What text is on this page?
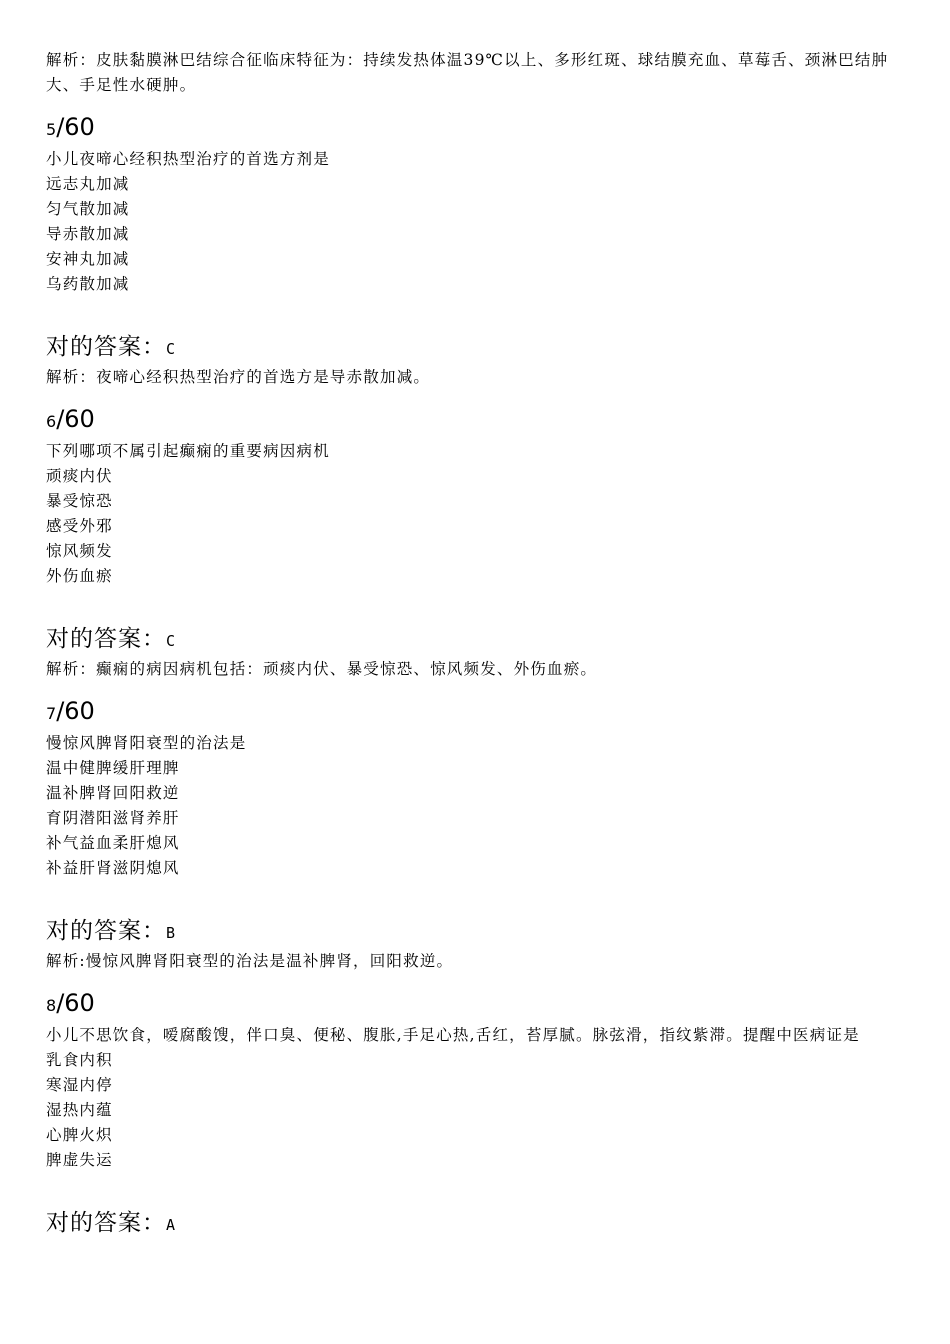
解析：皮肤黏膜淋巴结综合征临床特征为：持续发热体温39℃以上、多形红斑、球结膜充血、草莓舌、颈淋巴结肿大、手足性水硬肿。

5 /60

小儿夜啼心经积热型治疗的首选方剂是

远志丸加减

匀气散加减

导赤散加减

安神丸加减

乌药散加减

对的答案： C

解析：夜啼心经积热型治疗的首选方是导赤散加减。

6 /60

下列哪项不属引起癫痫的重要病因病机

顽痰内伏

暴受惊恐

感受外邪

惊风频发

外伤血瘀

对的答案： C

解析：癫痫的病因病机包括：顽痰内伏、暴受惊恐、惊风频发、外伤血瘀。

7 /60

慢惊风脾肾阳衰型的治法是

温中健脾缓肝理脾

温补脾肾回阳救逆

育阴潜阳滋肾养肝

补气益血柔肝熄风

补益肝肾滋阴熄风

对的答案： B

解析:慢惊风脾肾阳衰型的治法是温补脾肾，回阳救逆。

8 /60

小儿不思饮食，嗳腐酸馊，伴口臭、便秘、腹胀,手足心热,舌红，苔厚腻。脉弦滑，指纹紫滞。提醒中医病证是

乳食内积

寒湿内停

湿热内蕴

心脾火炽

脾虚失运

对的答案： A
